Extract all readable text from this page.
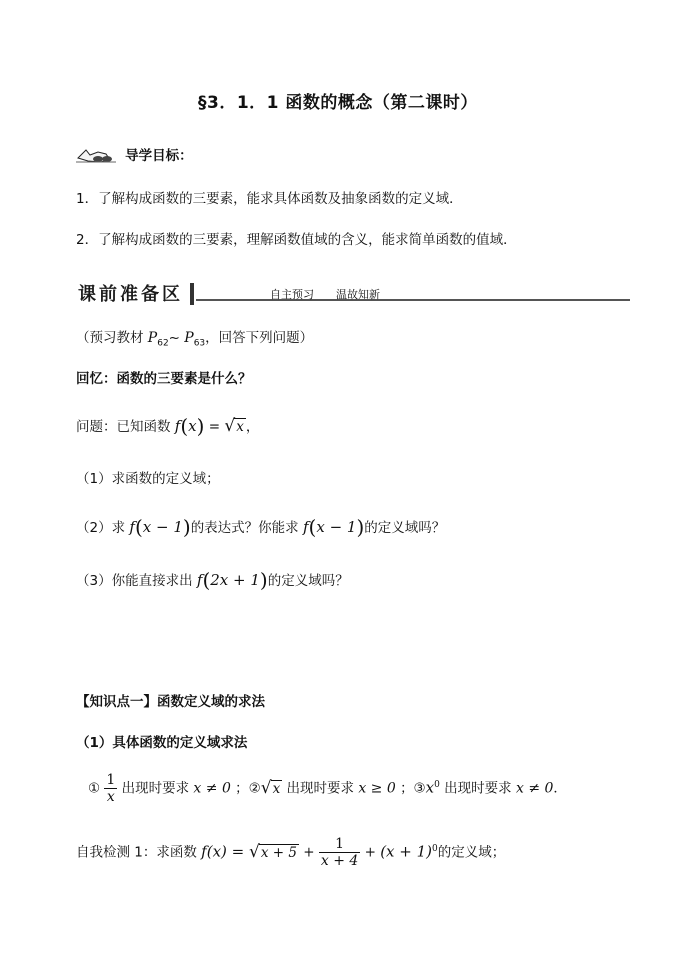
§3．1．1 函数的概念（第二课时）
导学目标：
1．了解构成函数的三要素，能求具体函数及抽象函数的定义域．
2．了解构成函数的三要素，理解函数值域的含义，能求简单函数的值域．
课前准备区	自主预习 温故知新
（预习教材 $P_{62}\sim$ $P_{63}$，回答下列问题）
回忆：函数的三要素是什么？
问题：已知函数 f(x) = √x ，
（1）求函数的定义域；
（2）求 f(x − 1)的表达式？你能求 f(x − 1)的定义域吗？
（3）你能直接求出 f(2x + 1)的定义域吗？
【知识点一】函数定义域的求法
（1）具体函数的定义域求法
① $\frac{1}{x}$ 出现时要求 x ≠ 0 ；②√x 出现时要求 x ≥ 0 ；$③x^0$ 出现时要求 x ≠ 0．
自我检测 1：求函数 $f(x) = √x + 5 + \frac{1}{x + 4} + (x + 1)^0$的定义域；
